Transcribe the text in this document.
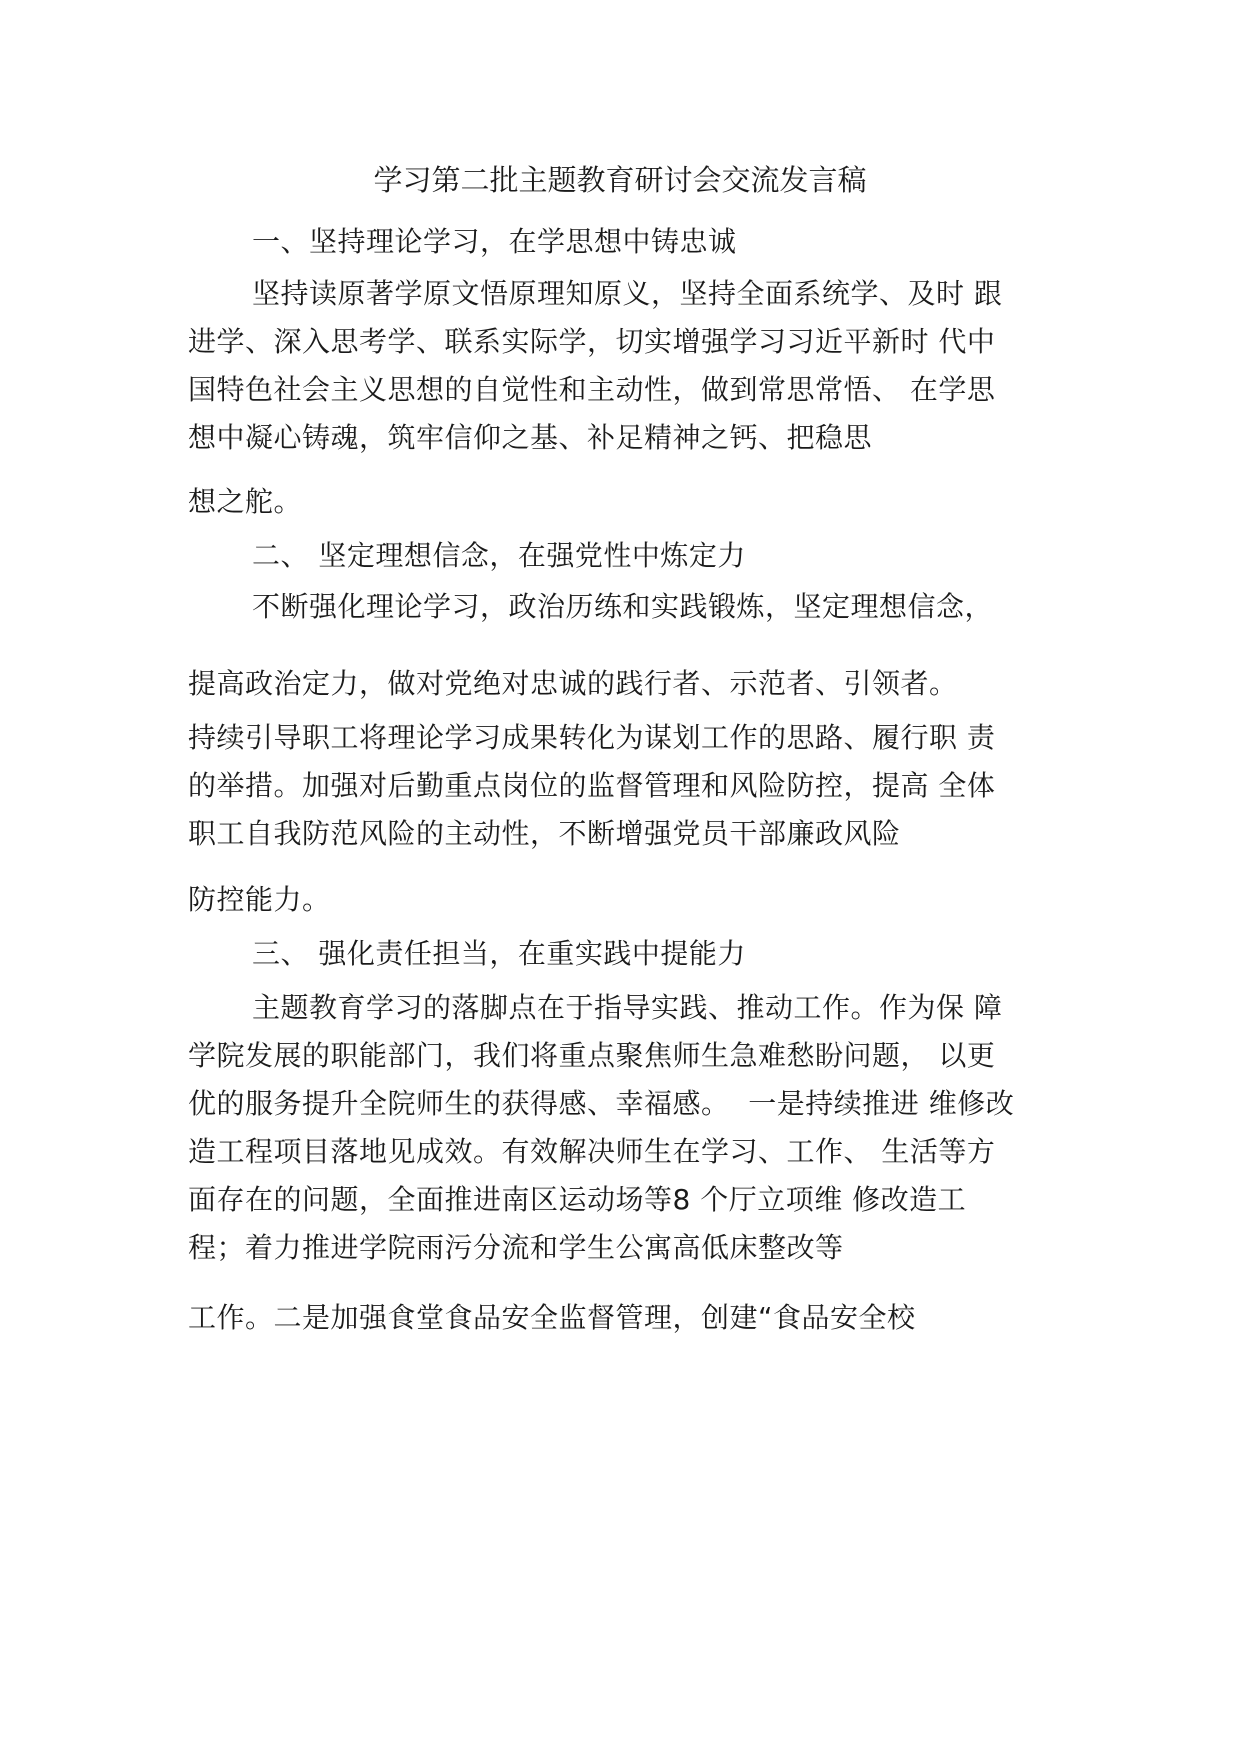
学习第二批主题教育研讨会交流发言稿
一、坚持理论学习，在学思想中铸忠诚
坚持读原著学原文悟原理知原义，坚持全面系统学、及时 跟
进学、深入思考学、联系实际学，切实增强学习习近平新时 代中
国特色社会主义思想的自觉性和主动性，做到常思常悟、 在学思
想中凝心铸魂，筑牢信仰之基、补足精神之钙、把稳思
想之舵。
二、 坚定理想信念，在强党性中炼定力
不断强化理论学习，政治历练和实践锻炼，坚定理想信念，
提高政治定力，做对党绝对忠诚的践行者、示范者、引领者。
持续引导职工将理论学习成果转化为谋划工作的思路、履行职 责
的举措。加强对后勤重点岗位的监督管理和风险防控，提高 全体
职工自我防范风险的主动性，不断增强党员干部廉政风险
防控能力。
三、 强化责任担当，在重实践中提能力
主题教育学习的落脚点在于指导实践、推动工作。作为保 障
学院发展的职能部门，我们将重点聚焦师生急难愁盼问题， 以更
优的服务提升全院师生的获得感、幸福感。  一是持续推进 维修改
造工程项目落地见成效。有效解决师生在学习、工作、 生活等方
面存在的问题，全面推进南区运动场等8 个厅立项维 修改造工
程；着力推进学院雨污分流和学生公寓高低床整改等
工作。二是加强食堂食品安全监督管理，创建“食品安全校
